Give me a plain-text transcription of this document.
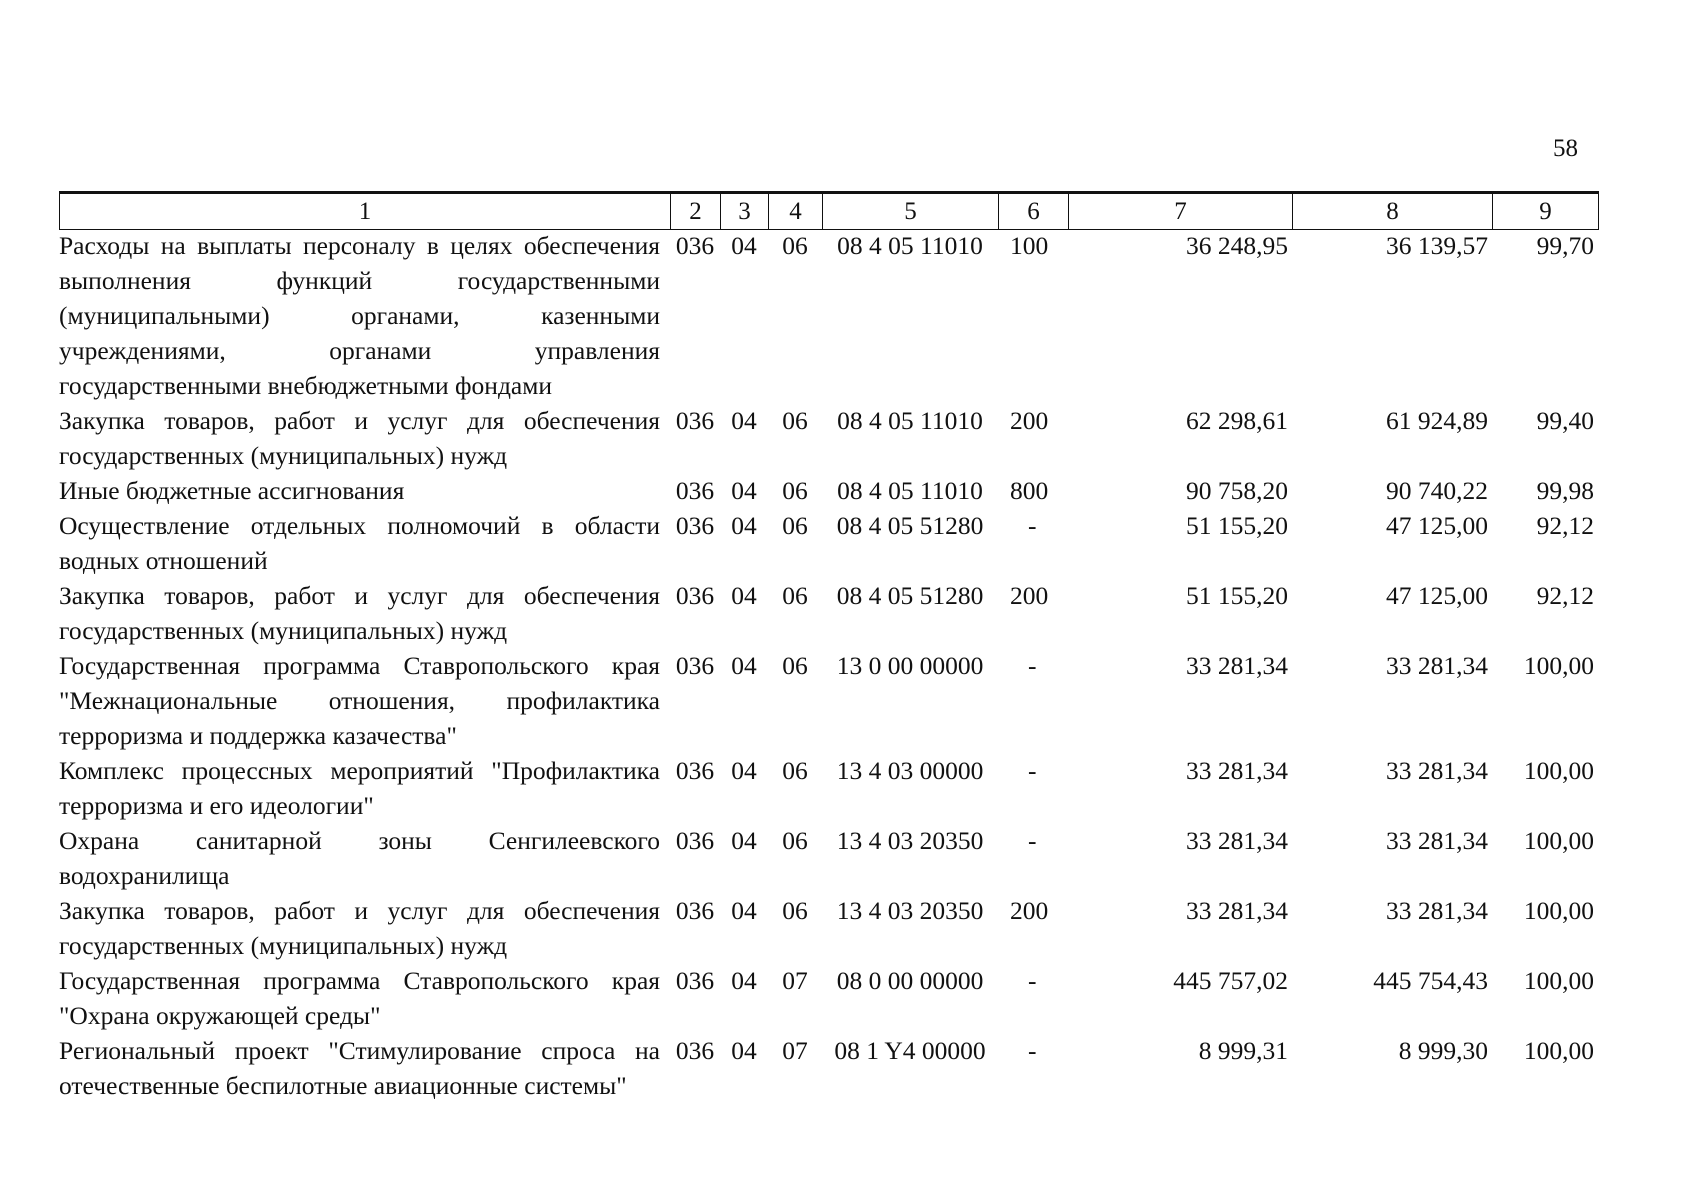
58
1	2	3	4	5	6	7	8	9
Расходы на выплаты персоналу в целях обеспечения выполнения функций государственными (муниципальными) органами, казенными учреждениями, органами управления государственными внебюджетными фондами	036	04	06	08 4 05 11010	100	36 248,95	36 139,57	99,70
Закупка товаров, работ и услуг для обеспечения государственных (муниципальных) нужд	036	04	06	08 4 05 11010	200	62 298,61	61 924,89	99,40
Иные бюджетные ассигнования	036	04	06	08 4 05 11010	800	90 758,20	90 740,22	99,98
Осуществление отдельных полномочий в области водных отношений	036	04	06	08 4 05 51280	-	51 155,20	47 125,00	92,12
Закупка товаров, работ и услуг для обеспечения государственных (муниципальных) нужд	036	04	06	08 4 05 51280	200	51 155,20	47 125,00	92,12
Государственная программа Ставропольского края "Межнациональные отношения, профилактика терроризма и поддержка казачества"	036	04	06	13 0 00 00000	-	33 281,34	33 281,34	100,00
Комплекс процессных мероприятий "Профилактика терроризма и его идеологии"	036	04	06	13 4 03 00000	-	33 281,34	33 281,34	100,00
Охрана санитарной зоны Сенгилеевского водохранилища	036	04	06	13 4 03 20350	-	33 281,34	33 281,34	100,00
Закупка товаров, работ и услуг для обеспечения государственных (муниципальных) нужд	036	04	06	13 4 03 20350	200	33 281,34	33 281,34	100,00
Государственная программа Ставропольского края "Охрана окружающей среды"	036	04	07	08 0 00 00000	-	445 757,02	445 754,43	100,00
Региональный проект "Стимулирование спроса на отечественные беспилотные авиационные системы"	036	04	07	08 1 Y4 00000	-	8 999,31	8 999,30	100,00
